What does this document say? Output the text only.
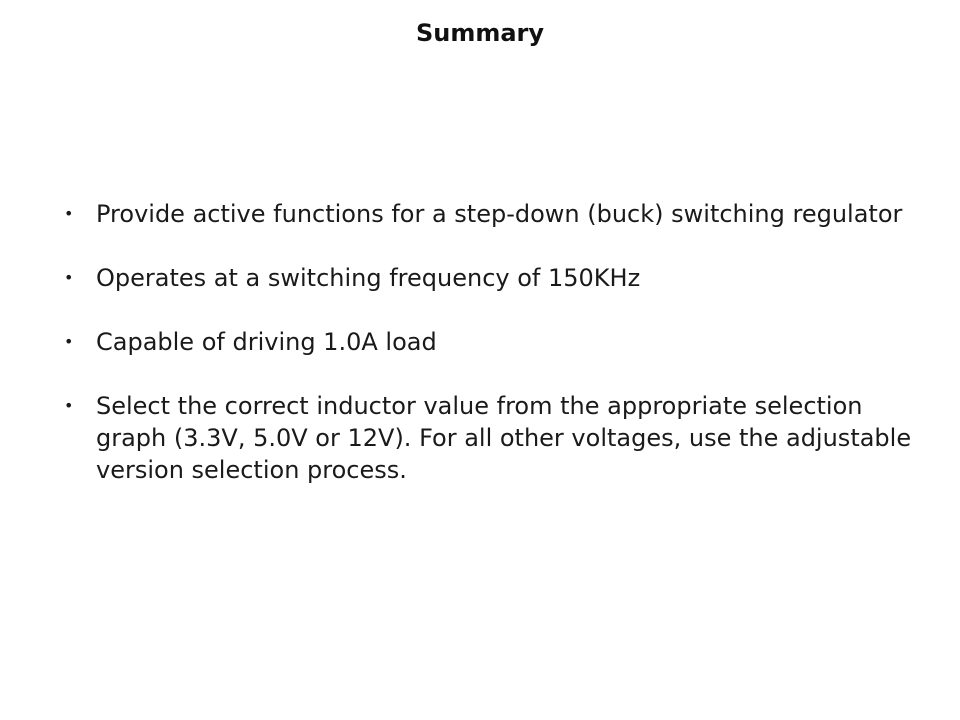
Summary
• Provide active functions for a step-down (buck) switching regulator
• Operates at a switching frequency of 150KHz
• Capable of driving 1.0A load
• Select the correct inductor value from the appropriate selection graph (3.3V, 5.0V or 12V). For all other voltages, use the adjustable version selection process.
